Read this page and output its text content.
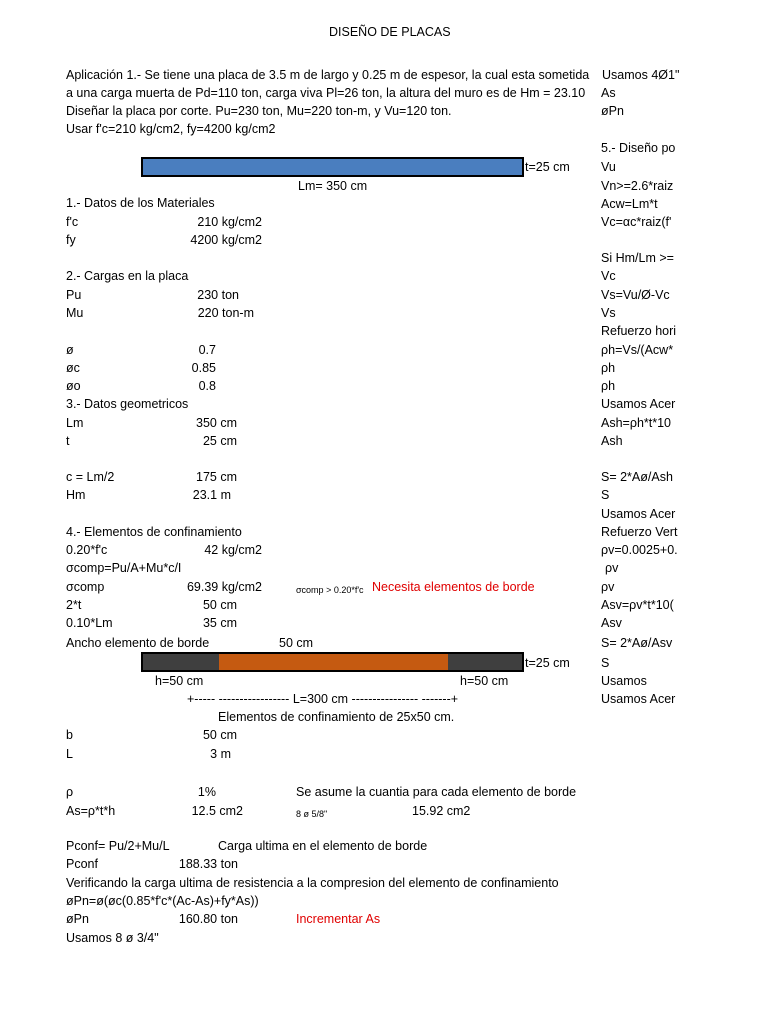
DISEÑO DE PLACAS
Aplicación 1.- Se tiene una placa de 3.5 m de largo y 0.25 m de espesor, la cual esta sometida
a una carga muerta de Pd=110 ton, carga viva Pl=26 ton, la altura del muro es de Hm = 23.10
Diseñar la placa por corte. Pu=230 ton, Mu=220 ton-m, y Vu=120 ton.
Usar f'c=210 kg/cm2, fy=4200 kg/cm2
t=25 cm
Lm= 350 cm
1.- Datos de los Materiales
f'c	210 kg/cm2
fy	4200 kg/cm2
2.- Cargas en la placa
Pu	230 ton
Mu	220 ton-m
ø	0.7
øc	0.85
øo	0.8
3.- Datos geometricos
Lm	350 cm
t	25 cm
c = Lm/2	175 cm
Hm	23.1 m
4.- Elementos de confinamiento
0.20*f'c	42 kg/cm2
σcomp=Pu/A+Mu*c/I
σcomp	69.39 kg/cm2	σcomp > 0.20*f'c Necesita elementos de borde
2*t	50 cm
0.10*Lm	35 cm
Ancho elemento de borde	50 cm
t=25 cm
h=50 cm	h=50 cm
+----- ----------------- L=300 cm ---------------- -------+
Elementos de confinamiento de 25x50 cm.
b	50 cm
L	3 m
ρ	1%	Se asume la cuantia para cada elemento de borde
As=ρ*t*h	12.5 cm2	8 ø 5/8"	15.92 cm2
Pconf= Pu/2+Mu/L	Carga ultima en el elemento de borde
Pconf	188.33 ton
Verificando la carga ultima de resistencia a la compresion del elemento de confinamiento
øPn=ø(øc(0.85*f'c*(Ac-As)+fy*As))
øPn	160.80 ton	Incrementar As
Usamos 8 ø 3/4"
Usamos 4Ø1"
As
øPn
5.- Diseño po
Vu
Vn>=2.6*raiz
Acw=Lm*t
Vc=αc*raiz(f'
Si Hm/Lm >=
Vc
Vs=Vu/Ø-Vc
Vs
Refuerzo hori
ρh=Vs/(Acw*
ρh
ρh
Usamos Acer
Ash=ρh*t*10
Ash
S= 2*Aø/Ash
S
Usamos Acer
Refuerzo Vert
ρv=0.0025+0.
ρv
ρv
Asv=ρv*t*10(
Asv
S= 2*Aø/Asv
S
Usamos
Usamos Acer
